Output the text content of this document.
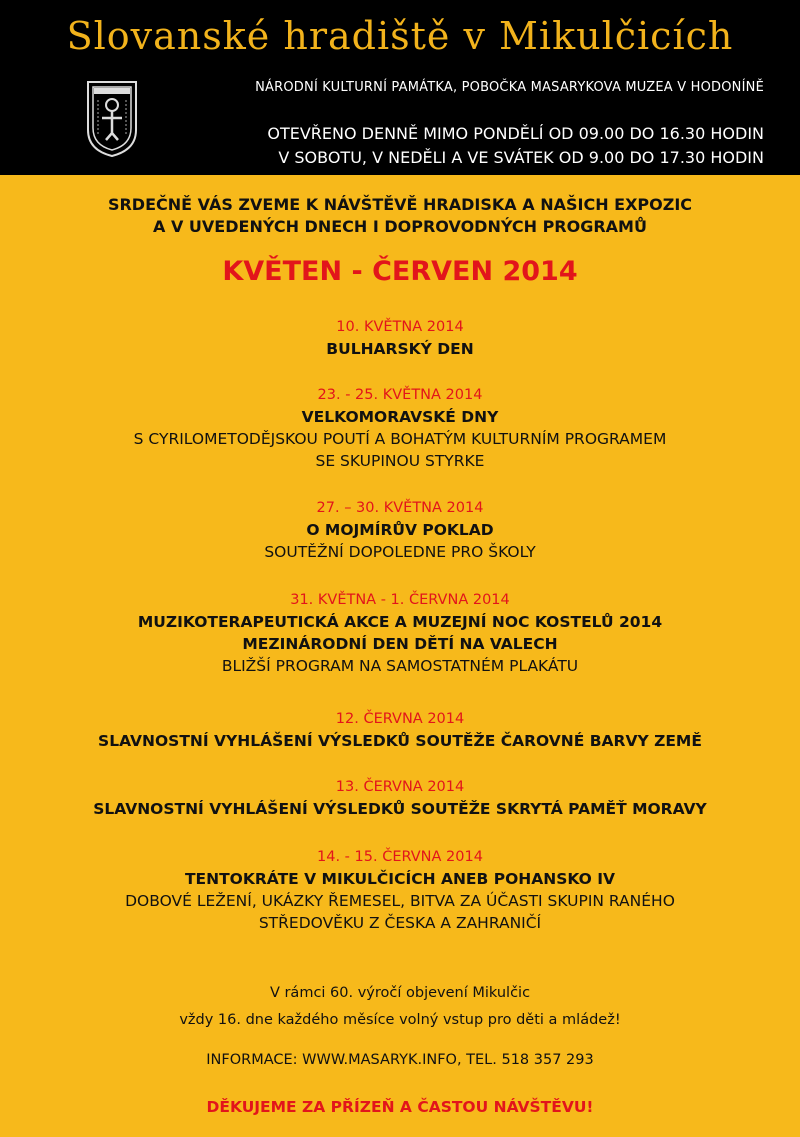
Slovanské hradiště v Mikulčicích
NÁRODNÍ KULTURNÍ PAMÁTKA, POBOČKA MASARYKOVA MUZEA V HODONÍNĚ
OTEVŘENO DENNĚ MIMO PONDĚLÍ OD 09.00 DO 16.30 HODIN
V SOBOTU, V NEDĚLI A VE SVÁTEK OD 9.00 DO 17.30 HODIN
SRDEČNĚ VÁS ZVEME K NÁVŠTĚVĚ HRADISKA A NAŠICH EXPOZIC
A V UVEDENÝCH DNECH I DOPROVODNÝCH PROGRAMŮ
KVĚTEN - ČERVEN 2014
10. KVĚTNA 2014
BULHARSKÝ DEN
23. - 25. KVĚTNA 2014
VELKOMORAVSKÉ DNY
S CYRILOMETODĚJSKOU POUTÍ A BOHATÝM KULTURNÍM PROGRAMEM
SE SKUPINOU STYRKE
27. – 30. KVĚTNA 2014
O MOJMÍRŮV POKLAD
SOUTĚŽNÍ DOPOLEDNE PRO ŠKOLY
31. KVĚTNA - 1. ČERVNA 2014
MUZIKOTERAPEUTICKÁ AKCE A MUZEJNÍ NOC KOSTELŮ 2014
MEZINÁRODNÍ DEN DĚTÍ NA VALECH
BLIŽŠÍ PROGRAM NA SAMOSTATNÉM PLAKÁTU
12. ČERVNA 2014
SLAVNOSTNÍ VYHLÁŠENÍ VÝSLEDKŮ SOUTĚŽE ČAROVNÉ BARVY ZEMĚ
13. ČERVNA 2014
SLAVNOSTNÍ VYHLÁŠENÍ VÝSLEDKŮ SOUTĚŽE SKRYTÁ PAMĚŤ MORAVY
14. - 15. ČERVNA 2014
TENTOKRÁTE V MIKULČICÍCH ANEB POHANSKO IV
DOBOVÉ LEŽENÍ, UKÁZKY ŘEMESEL, BITVA ZA ÚČASTI SKUPIN RANÉHO
STŘEDOVĚKU Z ČESKA A ZAHRANIČÍ
V rámci 60. výročí objevení Mikulčic
vždy 16. dne každého měsíce volný vstup pro děti a mládež!
INFORMACE: WWW.MASARYK.INFO, TEL. 518 357 293
DĚKUJEME ZA PŘÍZEŇ A ČASTOU NÁVŠTĚVU!
